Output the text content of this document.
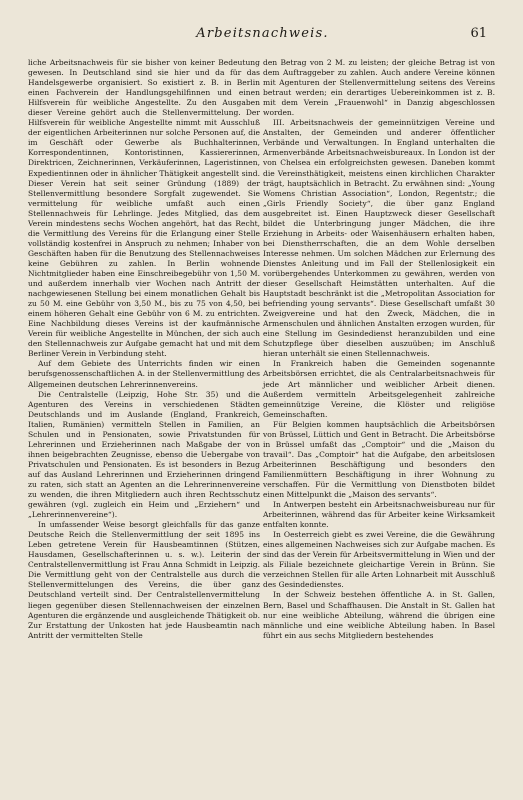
Arbeitsnachweis.	61

liche Arbeitsnachweis für sie bisher von keiner Bedeutung gewesen. In Deutschland sind sie hier und da für das Handelsgewerbe organisiert. So existiert z. B. in Berlin einen Fachverein der Handlungsgehilfinnen und einen Hilfsverein für weibliche Angestellte. Zu den Ausgaben dieser Vereine gehört auch die Stellenvermittelung. Der Hilfsverein für weibliche Angestellte nimmt mit Ausschluß der eigentlichen Arbeiterinnen nur solche Personen auf, die im Geschäft oder Gewerbe als Buchhalterinnen, Korrespondentinnen, Kontoristinnen, Kassiererinnen, Direktricen, Zeichnerinnen, Verkäuferinnen, Lageristinnen, Expedientinnen oder in ähnlicher Thätigkeit angestellt sind. Dieser Verein hat seit seiner Gründung (1889) der Stellenvermittlung besondere Sorgfalt zugewendet. Sie vermittelung für weibliche umfaßt auch einen Stellennachweis für Lehrlinge. Jedes Mitglied, das dem Verein mindestens sechs Wochen angehört, hat das Recht, die Vermittlung des Vereins für die Erlangung einer Stelle vollständig kostenfrei in Anspruch zu nehmen; Inhaber von Geschäften haben für die Benutzung des Stellennachweises keine Gebühren zu zahlen. In Berlin wohnende Nichtmitglieder haben eine Einschreibegebühr von 1,50 M. und außerdem innerhalb vier Wochen nach Antritt der nachgewiesenen Stellung bei einem monatlichen Gehalt bis zu 50 M. eine Gebühr von 3,50 M., bis zu 75 von 4,50, bei einem höheren Gehalt eine Gebühr von 6 M. zu entrichten. Eine Nachbildung dieses Vereins ist der kaufmännische Verein für weibliche Angestellte in München, der sich auch den Stellennachweis zur Aufgabe gemacht hat und mit dem Berliner Verein in Verbindung steht.

Auf dem Gebiete des Unterrichts finden wir einen berufsgenossenschaftlichen A. in der Stellenvermittlung des Allgemeinen deutschen Lehrerinnenvereins.

Die Centralstelle (Leipzig, Hohe Str. 35) und die Agenturen des Vereins in verschiedenen Städten Deutschlands und im Auslande (England, Frankreich, Italien, Rumänien) vermitteln Stellen in Familien, an Schulen und in Pensionaten, sowie Privatstunden für Lehrerinnen und Erzieherinnen nach Maßgabe der von ihnen beigebrachten Zeugnisse, ebenso die Uebergabe von Privatschulen und Pensionaten. Es ist besonders in Bezug auf das Ausland Lehrerinnen und Erzieherinnen dringend zu raten, sich statt an Agenten an die Lehrerinnenvereine zu wenden, die ihren Mitgliedern auch ihren Rechtsschutz gewähren (vgl. zugleich ein Heim und „Erziehern“ und „Lehrerinnenvereine“).

In umfassender Weise besorgt gleichfalls für das ganze Deutsche Reich die Stellenvermittlung der seit 1895 ins Leben getretene Verein für Hausbeamtinnen (Stützen, Hausdamen, Gesellschafterinnen u. s. w.). Leiterin der Centralstellenvermittlung ist Frau Anna Schmidt in Leipzig. Die Vermittlung geht von der Centralstelle aus durch die Stellenvermittelungen des Vereins, die über ganz Deutschland verteilt sind. Der Centralstellenvermittelung liegen gegenüber diesen Stellennachweisen der einzelnen Agenturen die ergänzende und ausgleichende Thätigkeit ob. Zur Erstattung der Unkosten hat jede Hausbeamtin nach Antritt der vermittelten Stelle

den Betrag von 2 M. zu leisten; der gleiche Betrag ist von dem Auftraggeber zu zahlen. Auch andere Vereine können mit Agenturen der Stellenvermittelung seitens des Vereins betraut werden; ein derartiges Uebereinkommen ist z. B. mit dem Verein „Frauenwohl“ in Danzig abgeschlossen worden.

III. Arbeitsnachweis der gemeinnützigen Vereine und Anstalten, der Gemeinden und anderer öffentlicher Verbände und Verwaltungen. In England unterhalten die Armenverbände Arbeitsnachweisbureaux. In London ist der von Chelsea ein erfolgreichsten gewesen. Daneben kommt die Vereinsthätigkeit, meistens einen kirchlichen Charakter trägt, hauptsächlich in Betracht. Zu erwähnen sind: „Young Womens Christian Association“, London, Regentstr.; die „Girls Friendly Society“, die über ganz England ausgebreitet ist. Einen Hauptzweck dieser Gesellschaft bildet die Unterbringung junger Mädchen, die ihre Erziehung in Arbeits- oder Waisenhäusern erhalten haben, bei Dienstherrschaften, die an dem Wohle derselben Interesse nehmen. Um solchen Mädchen zur Erlernung des Dienstes Anleitung und im Fall der Stellenlosigkeit ein vorübergehendes Unterkommen zu gewähren, werden von dieser Gesellschaft Heimstätten unterhalten. Auf die Hauptstadt beschränkt ist die „Metropolitan Association for befriending young servants“. Diese Gesellschaft umfaßt 30 Zweigvereine und hat den Zweck, Mädchen, die in Armenschulen und ähnlichen Anstalten erzogen wurden, für eine Stellung im Gesindedienst heranzubilden und eine Schutzpflege über dieselben auszuüben; im Anschluß hieran unterhält sie einen Stellennachweis.

In Frankreich haben die Gemeinden sogenannte Arbeitsbörsen errichtet, die als Centralarbeitsnachweis für jede Art männlicher und weiblicher Arbeit dienen. Außerdem vermitteln Arbeitsgelegenheit zahlreiche gemeinnützige Vereine, die Klöster und religiöse Gemeinschaften.

Für Belgien kommen hauptsächlich die Arbeitsbörsen von Brüssel, Lüttich und Gent in Betracht. Die Arbeitsbörse in Brüssel umfaßt das „Comptoir“ und die „Maison du travail“. Das „Comptoir“ hat die Aufgabe, den arbeitslosen Arbeiterinnen Beschäftigung und besonders den Familienmüttern Beschäftigung in ihrer Wohnung zu verschaffen. Für die Vermittlung von Dienstboten bildet einen Mittelpunkt die „Maison des servants“.

In Antwerpen besteht ein Arbeitsnachweisbureau nur für Arbeiterinnen, während das für Arbeiter keine Wirksamkeit entfalten konnte.

In Oesterreich giebt es zwei Vereine, die die Gewährung eines allgemeinen Nachweises sich zur Aufgabe machen. Es sind das der Verein für Arbeitsvermittelung in Wien und der als Filiale bezeichnete gleichartige Verein in Brünn. Sie verzeichnen Stellen für alle Arten Lohnarbeit mit Ausschluß des Gesindedienstes.

In der Schweiz bestehen öffentliche A. in St. Gallen, Bern, Basel und Schaffhausen. Die Anstalt in St. Gallen hat nur eine weibliche Abteilung, während die übrigen eine männliche und eine weibliche Abteilung haben. In Basel führt ein aus sechs Mitgliedern bestehendes
